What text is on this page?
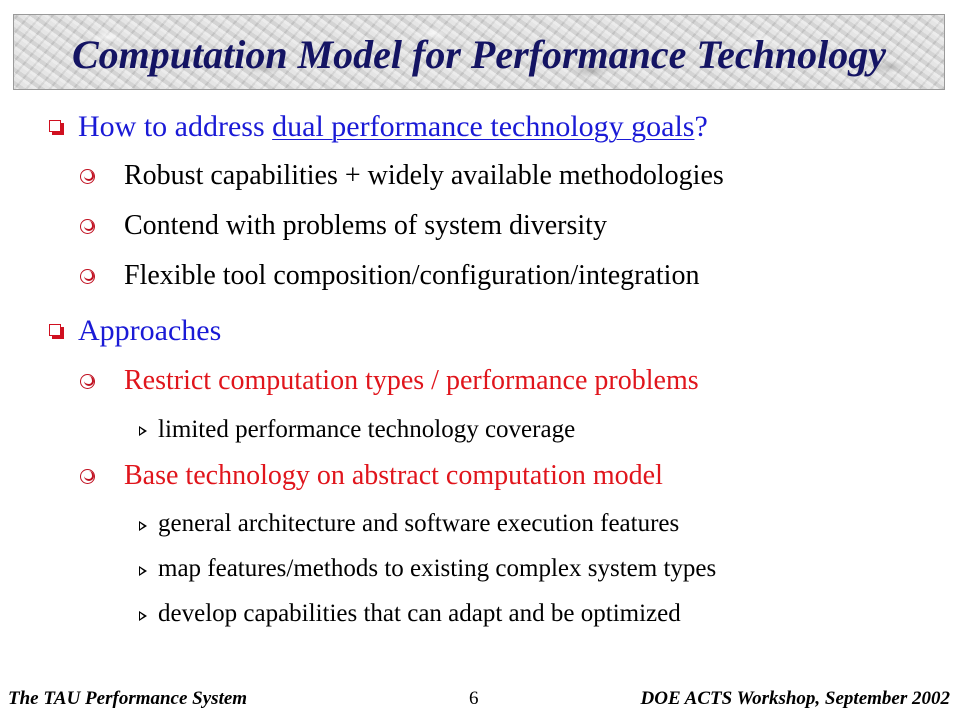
Computation Model for Performance Technology

How to address dual performance technology goals?

Robust capabilities + widely available methodologies

Contend with problems of system diversity

Flexible tool composition/configuration/integration

Approaches

Restrict computation types / performance problems

limited performance technology coverage

Base technology on abstract computation model

general architecture and software execution features

map features/methods to existing complex system types

develop capabilities that can adapt and be optimized

The TAU Performance System	6	DOE ACTS Workshop, September 2002
